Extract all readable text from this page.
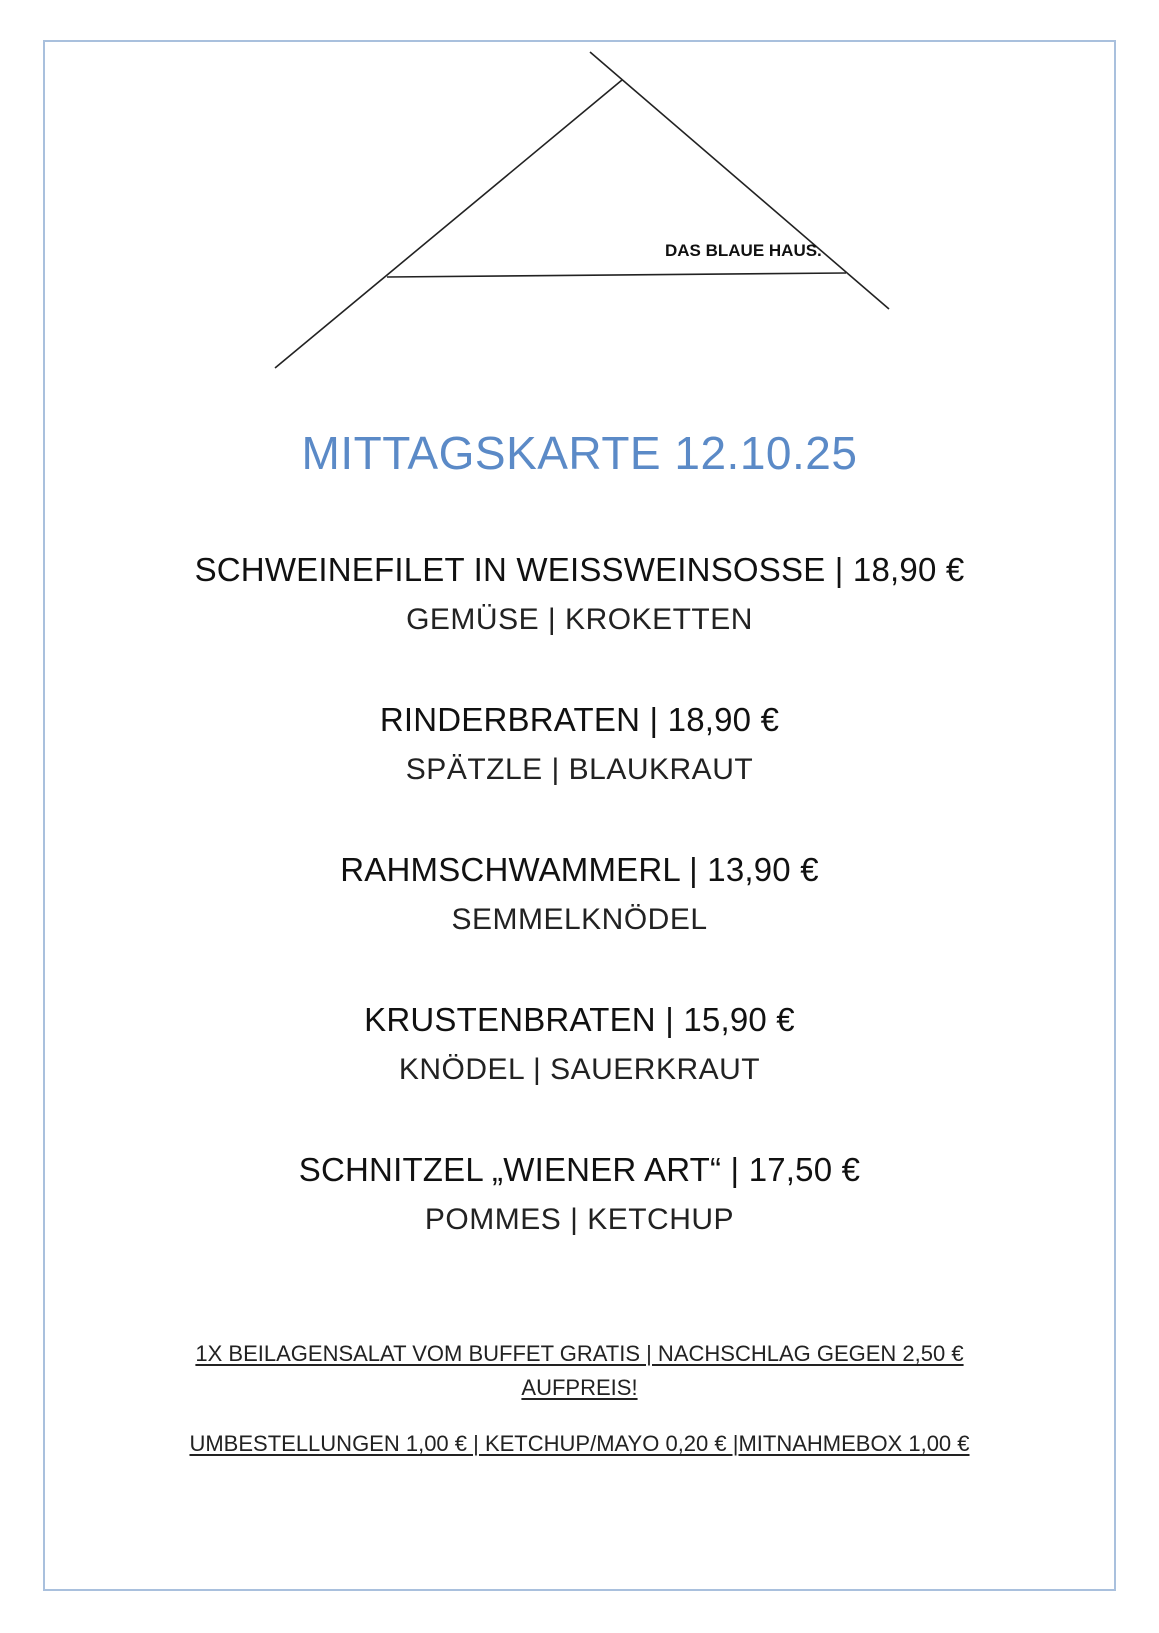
DAS BLAUE HAUS.
MITTAGSKARTE 12.10.25
SCHWEINEFILET IN WEISSWEINSOSSE | 18,90 €
GEMÜSE | KROKETTEN
RINDERBRATEN | 18,90 €
SPÄTZLE | BLAUKRAUT
RAHMSCHWAMMERL | 13,90 €
SEMMELKNÖDEL
KRUSTENBRATEN | 15,90 €
KNÖDEL | SAUERKRAUT
SCHNITZEL „WIENER ART“ | 17,50 €
POMMES | KETCHUP
1X BEILAGENSALAT VOM BUFFET GRATIS | NACHSCHLAG GEGEN 2,50 € AUFPREIS!
UMBESTELLUNGEN 1,00 € | KETCHUP/MAYO 0,20 € |MITNAHMEBOX 1,00 €
